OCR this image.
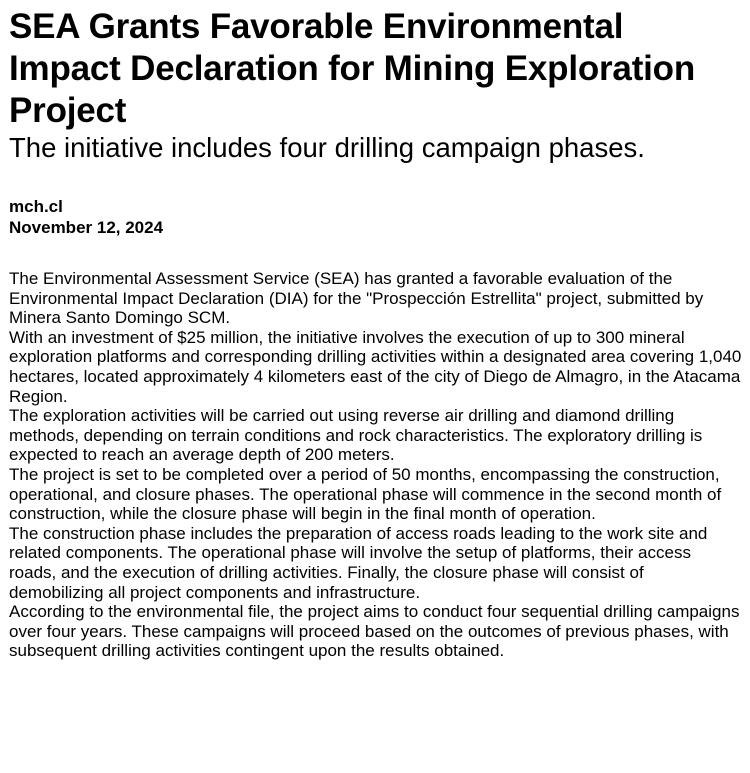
SEA Grants Favorable Environmental Impact Declaration for Mining Exploration Project
The initiative includes four drilling campaign phases.
mch.cl
November 12, 2024

The Environmental Assessment Service (SEA) has granted a favorable evaluation of the Environmental Impact Declaration (DIA) for the "Prospección Estrellita" project, submitted by Minera Santo Domingo SCM.

With an investment of $25 million, the initiative involves the execution of up to 300 mineral exploration platforms and corresponding drilling activities within a designated area covering 1,040 hectares, located approximately 4 kilometers east of the city of Diego de Almagro, in the Atacama Region.

The exploration activities will be carried out using reverse air drilling and diamond drilling methods, depending on terrain conditions and rock characteristics. The exploratory drilling is expected to reach an average depth of 200 meters.

The project is set to be completed over a period of 50 months, encompassing the construction, operational, and closure phases. The operational phase will commence in the second month of construction, while the closure phase will begin in the final month of operation.

The construction phase includes the preparation of access roads leading to the work site and related components. The operational phase will involve the setup of platforms, their access roads, and the execution of drilling activities. Finally, the closure phase will consist of demobilizing all project components and infrastructure.

According to the environmental file, the project aims to conduct four sequential drilling campaigns over four years. These campaigns will proceed based on the outcomes of previous phases, with subsequent drilling activities contingent upon the results obtained.
